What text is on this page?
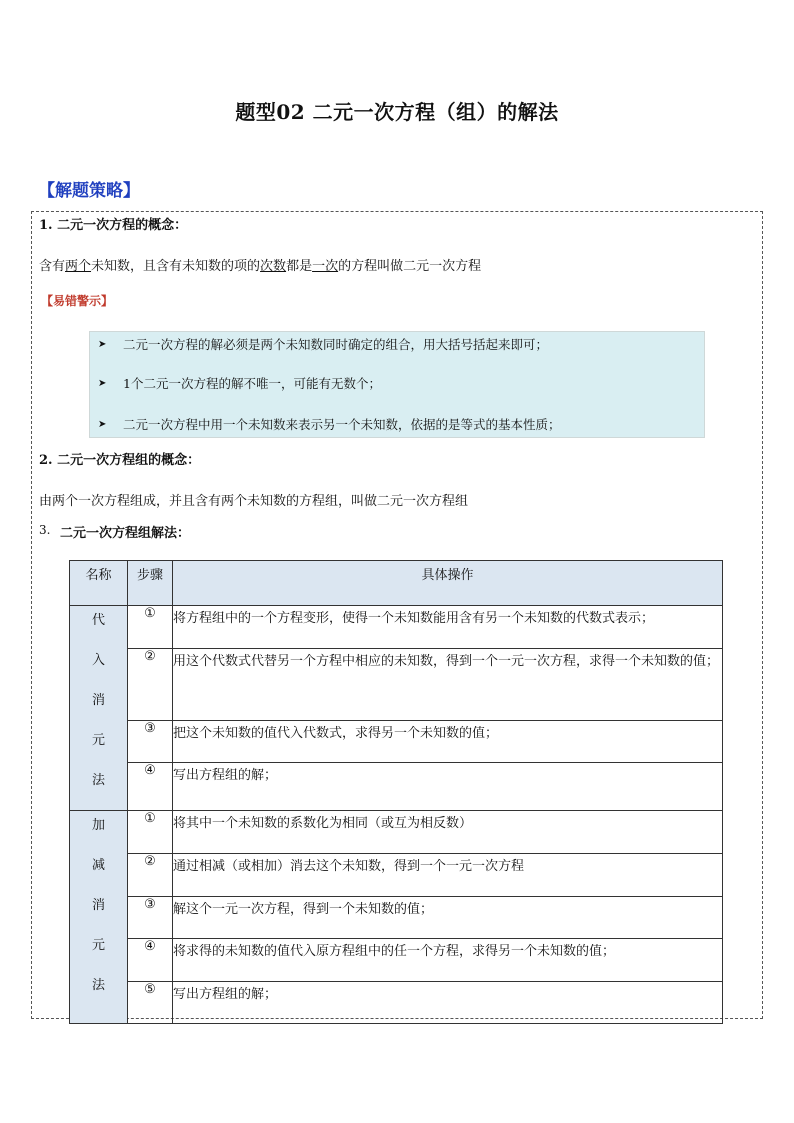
题型02 二元一次方程（组）的解法
【解题策略】
1. 二元一次方程的概念：
含有两个未知数，且含有未知数的项的次数都是一次的方程叫做二元一次方程
【易错警示】
➤ 二元一次方程的解必须是两个未知数同时确定的组合，用大括号括起来即可；
➤ 1个二元一次方程的解不唯一，可能有无数个；
➤ 二元一次方程中用一个未知数来表示另一个未知数，依据的是等式的基本性质；
2. 二元一次方程组的概念：
由两个一次方程组成，并且含有两个未知数的方程组，叫做二元一次方程组
3. 二元一次方程组解法：
名称	步骤	具体操作

代
入
消
元
法	①	将方程组中的一个方程变形，使得一个未知数能用含有另一个未知数的代数式表示；
	②	用这个代数式代替另一个方程中相应的未知数，得到一个一元一次方程，求得一个未知数的值；
	③	把这个未知数的值代入代数式，求得另一个未知数的值；
	④	写出方程组的解；

加
减
消
元
法	①	将其中一个未知数的系数化为相同（或互为相反数）
	②	通过相减（或相加）消去这个未知数，得到一个一元一次方程
	③	解这个一元一次方程，得到一个未知数的值；
	④	将求得的未知数的值代入原方程组中的任一个方程，求得另一个未知数的值；
	⑤	写出方程组的解；
